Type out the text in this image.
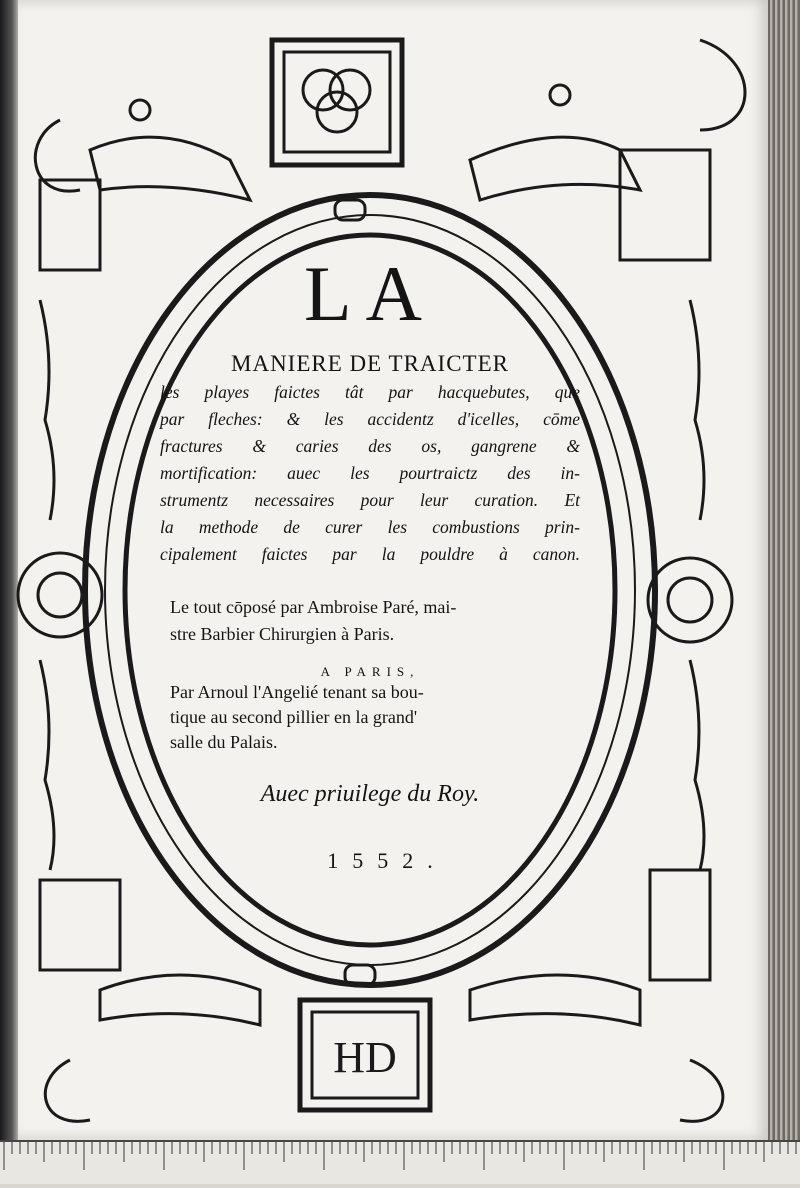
HD
LA
MANIERE DE TRAICTER
les playes faictes tât par hacquebutes, que
par fleches: & les accidentz d'icelles, cōme
fractures & caries des os, gangrene &
mortification: auec les pourtraictz des in-
strumentz necessaires pour leur curation. Et
la methode de curer les combustions prin-
cipalement faictes par la pouldre à canon.
Le tout cōposé par Ambroise Paré, mai-
stre Barbier Chirurgien à Paris.
A PARIS,
Par Arnoul l'Angelié tenant sa bou-
tique au second pillier en la grand'
salle du Palais.
Auec priuilege du Roy.
1552.
